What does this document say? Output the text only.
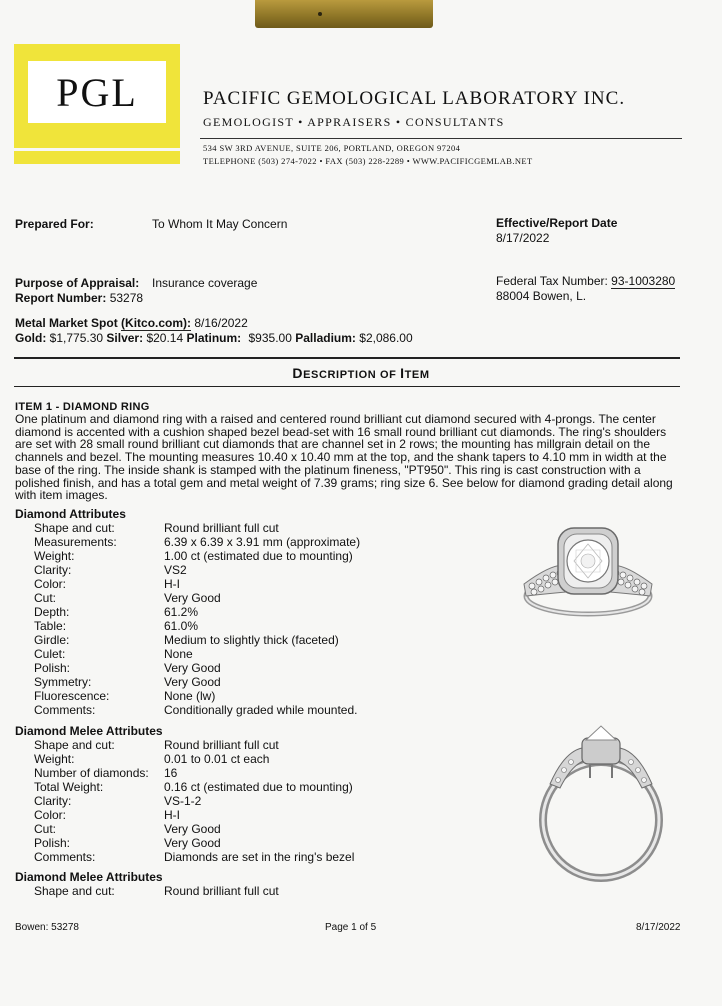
PGL	PACIFIC GEMOLOGICAL LABORATORY INC.
GEMOLOGIST • APPRAISERS • CONSULTANTS
534 SW 3RD AVENUE, SUITE 206, PORTLAND, OREGON 97204
TELEPHONE (503) 274-7022 • FAX (503) 228-2289 • WWW.PACIFICGEMLAB.NET
Prepared For:	To Whom It May Concern	Effective/Report Date
8/17/2022
Purpose of Appraisal: Insurance coverage
Report Number: 53278
Federal Tax Number: 93-1003280
88004 Bowen, L.
Metal Market Spot (Kitco.com): 8/16/2022
Gold: $1,775.30 Silver: $20.14 Platinum: $935.00 Palladium: $2,086.00
DESCRIPTION OF ITEM
ITEM 1 - DIAMOND RING
One platinum and diamond ring with a raised and centered round brilliant cut diamond secured with 4-prongs. The center diamond is accented with a cushion shaped bezel bead-set with 16 small round brilliant cut diamonds. The ring's shoulders are set with 28 small round brilliant cut diamonds that are channel set in 2 rows; the mounting has millgrain detail on the channels and bezel. The mounting measures 10.40 x 10.40 mm at the top, and the shank tapers to 4.10 mm in width at the base of the ring. The inside shank is stamped with the platinum fineness, "PT950". This ring is cast construction with a polished finish, and has a total gem and metal weight of 7.39 grams; ring size 6. See below for diamond grading detail along with item images.
Diamond Attributes
Shape and cut:	Round brilliant full cut
Measurements:	6.39 x 6.39 x 3.91 mm (approximate)
Weight:	1.00 ct (estimated due to mounting)
Clarity:	VS2
Color:	H-I
Cut:	Very Good
Depth:	61.2%
Table:	61.0%
Girdle:	Medium to slightly thick (faceted)
Culet:	None
Polish:	Very Good
Symmetry:	Very Good
Fluorescence:	None (lw)
Comments:	Conditionally graded while mounted.
Diamond Melee Attributes
Shape and cut:	Round brilliant full cut
Weight:	0.01 to 0.01 ct each
Number of diamonds: 16
Total Weight:	0.16 ct (estimated due to mounting)
Clarity:	VS-1-2
Color:	H-I
Cut:	Very Good
Polish:	Very Good
Comments:	Diamonds are set in the ring's bezel
Diamond Melee Attributes
Shape and cut:	Round brilliant full cut
Bowen: 53278	Page 1 of 5	8/17/2022
